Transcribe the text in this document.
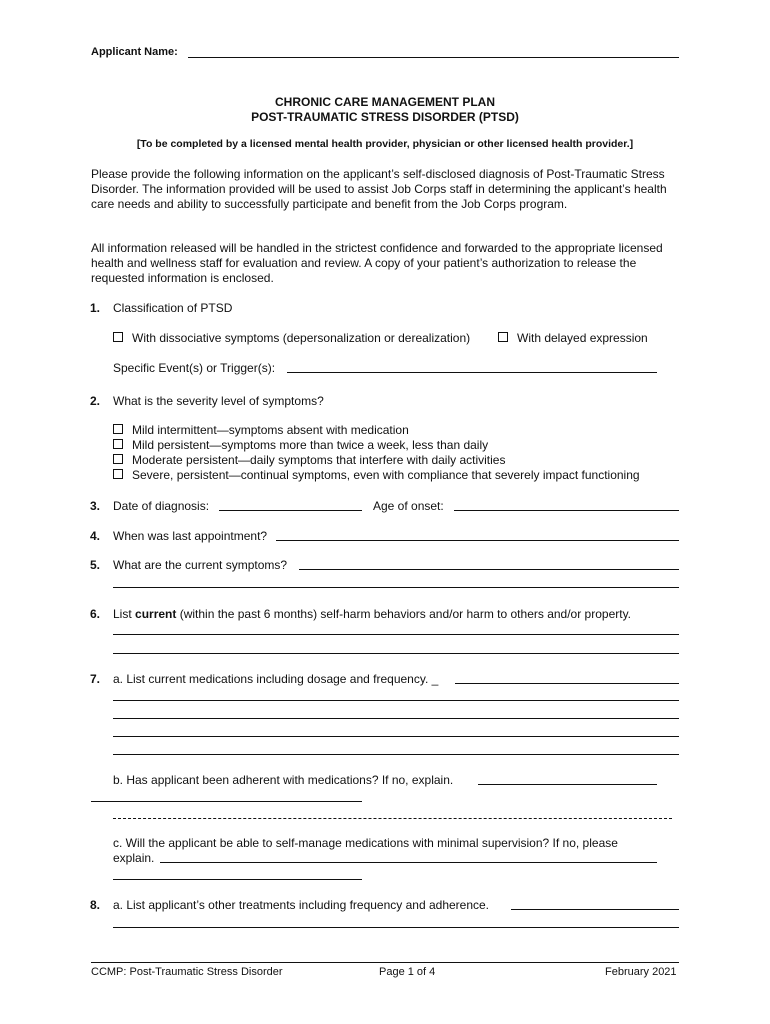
Applicant Name:
CHRONIC CARE MANAGEMENT PLAN
POST-TRAUMATIC STRESS DISORDER (PTSD)
[To be completed by a licensed mental health provider, physician or other licensed health provider.]
Please provide the following information on the applicant’s self-disclosed diagnosis of Post-Traumatic Stress Disorder. The information provided will be used to assist Job Corps staff in determining the applicant’s health care needs and ability to successfully participate and benefit from the Job Corps program.
All information released will be handled in the strictest confidence and forwarded to the appropriate licensed health and wellness staff for evaluation and review. A copy of your patient’s authorization to release the requested information is enclosed.
1. Classification of PTSD
With dissociative symptoms (depersonalization or derealization)	With delayed expression
Specific Event(s) or Trigger(s):
2. What is the severity level of symptoms?
Mild intermittent—symptoms absent with medication
Mild persistent—symptoms more than twice a week, less than daily
Moderate persistent—daily symptoms that interfere with daily activities
Severe, persistent—continual symptoms, even with compliance that severely impact functioning
3. Date of diagnosis:	Age of onset:
4. When was last appointment?
5. What are the current symptoms?
6. List current (within the past 6 months) self-harm behaviors and/or harm to others and/or property.
7. a. List current medications including dosage and frequency. _
b. Has applicant been adherent with medications? If no, explain.
c. Will the applicant be able to self-manage medications with minimal supervision? If no, please
explain.
8. a. List applicant’s other treatments including frequency and adherence.
CCMP: Post-Traumatic Stress Disorder	Page 1 of 4	February 2021
